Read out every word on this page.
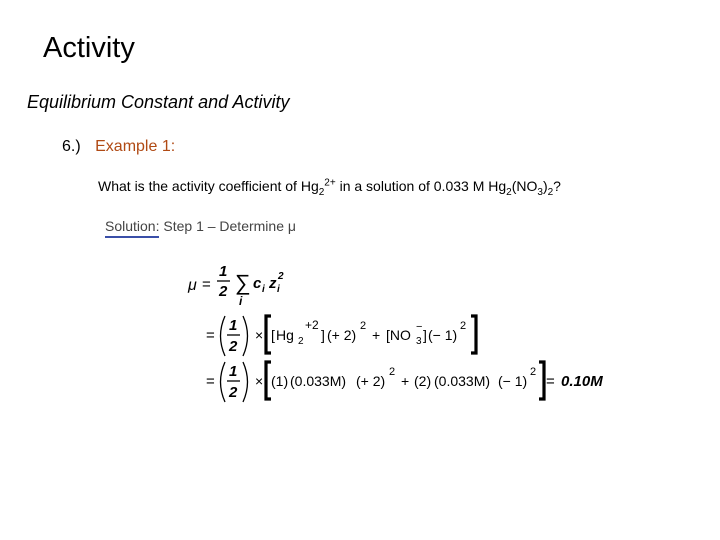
Activity
Equilibrium Constant and Activity
6.) Example 1:
What is the activity coefficient of $Hg_2^{2+}$ in a solution of 0.033 M $Hg_2(NO_3)_2$?
Solution:
Step 1 – Determine μ
μ =
1
2 ∑
i
c i z i
2
=
1
2
× [ Hg 2
+2
] (+ 2)
2
+ [NO 3
− ] (− 1)
2
=
1
2
× (1) (0.033M) (+ 2)
2
+ (2) (0.033M) (− 1)
2
= 0.10M
